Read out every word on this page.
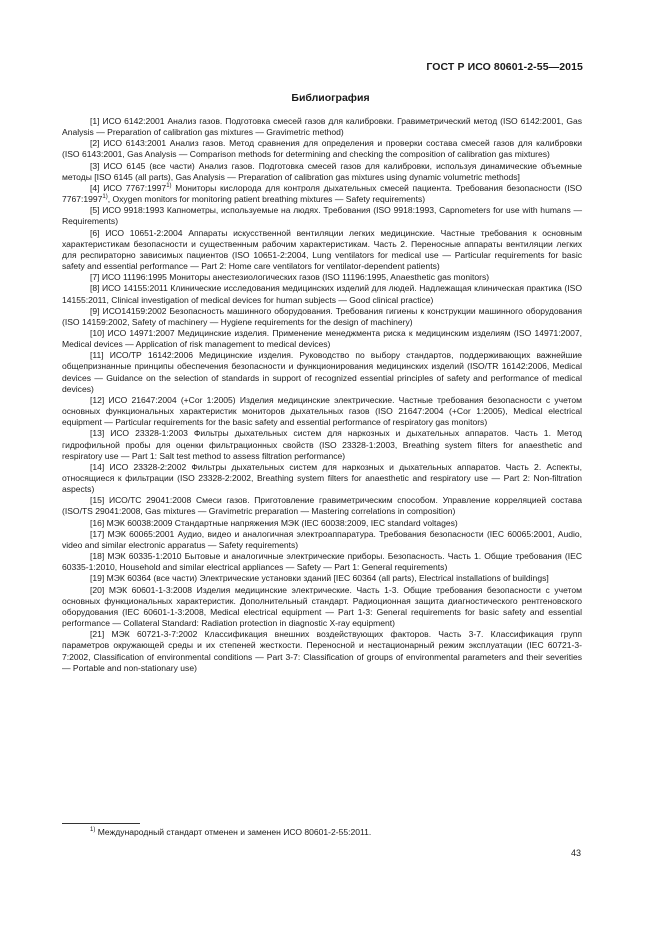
ГОСТ Р ИСО 80601-2-55—2015
Библиография

[1] ИСО 6142:2001 Анализ газов. Подготовка смесей газов для калибровки. Гравиметрический метод (ISO 6142:2001, Gas Analysis — Preparation of calibration gas mixtures — Gravimetric method)

[2] ИСО 6143:2001 Анализ газов. Метод сравнения для определения и проверки состава смесей газов для калибровки (ISO 6143:2001, Gas Analysis — Comparison methods for determining and checking the composition of calibration gas mixtures)

[3] ИСО 6145 (все части) Анализ газов. Подготовка смесей газов для калибровки, используя динамические объемные методы [ISO 6145 (all parts), Gas Analysis — Preparation of calibration gas mixtures using dynamic volumetric methods]

[4] ИСО 7767:1997$^{1)}$ Мониторы кислорода для контроля дыхательных смесей пациента. Требования безопасности (ISO 7767:1997$^{1)}$, Oxygen monitors for monitoring patient breathing mixtures — Safety requirements)

[5] ИСО 9918:1993 Капнометры, используемые на людях. Требования (ISO 9918:1993, Capnometers for use with humans — Requirements)

[6] ИСО 10651-2:2004 Аппараты искусственной вентиляции легких медицинские. Частные требования к основным характеристикам безопасности и существенным рабочим характеристикам. Часть 2. Переносные аппараты вентиляции легких для респираторно зависимых пациентов (ISO 10651-2:2004, Lung ventilators for medical use — Particular requirements for basic safety and essential performance — Part 2: Home care ventilators for ventilator-dependent patients)

[7] ИСО 11196:1995 Мониторы анестезиологических газов (ISO 11196:1995, Anaesthetic gas monitors)

[8] ИСО 14155:2011 Клинические исследования медицинских изделий для людей. Надлежащая клиническая практика (ISO 14155:2011, Clinical investigation of medical devices for human subjects — Good clinical practice)

[9] ИСО14159:2002 Безопасность машинного оборудования. Требования гигиены к конструкции машинного оборудования (ISO 14159:2002, Safety of machinery — Hygiene requirements for the design of machinery)

[10] ИСО 14971:2007 Медицинские изделия. Применение менеджмента риска к медицинским изделиям (ISO 14971:2007, Medical devices — Application of risk management to medical devices)

[11] ИСО/ТР 16142:2006 Медицинские изделия. Руководство по выбору стандартов, поддерживающих важнейшие общепризнанные принципы обеспечения безопасности и функционирования медицинских изделий (ISO/TR 16142:2006, Medical devices — Guidance on the selection of standards in support of recognized essential principles of safety and performance of medical devices)

[12] ИСО 21647:2004 (+Cor 1:2005) Изделия медицинские электрические. Частные требования безопасности с учетом основных функциональных характеристик мониторов дыхательных газов (ISO 21647:2004 (+Cor 1:2005), Medical electrical equipment — Particular requirements for the basic safety and essential performance of respiratory gas monitors)

[13] ИСО 23328-1:2003 Фильтры дыхательных систем для наркозных и дыхательных аппаратов. Часть 1. Метод гидрофильной пробы для оценки фильтрационных свойств (ISO 23328-1:2003, Breathing system filters for anaesthetic and respiratory use — Part 1: Salt test method to assess filtration performance)

[14] ИСО 23328-2:2002 Фильтры дыхательных систем для наркозных и дыхательных аппаратов. Часть 2. Аспекты, относящиеся к фильтрации (ISO 23328-2:2002, Breathing system filters for anaesthetic and respiratory use — Part 2: Non-filtration aspects)

[15] ИСО/ТС 29041:2008 Смеси газов. Приготовление гравиметрическим способом. Управление корреляцией состава (ISO/TS 29041:2008, Gas mixtures — Gravimetric preparation — Mastering correlations in composition)

[16] МЭК 60038:2009 Стандартные напряжения МЭК (IEC 60038:2009, IEC standard voltages)

[17] МЭК 60065:2001 Аудио, видео и аналогичная электроаппаратура. Требования безопасности (IEC 60065:2001, Audio, video and similar electronic apparatus — Safety requirements)

[18] МЭК 60335-1:2010 Бытовые и аналогичные электрические приборы. Безопасность. Часть 1. Общие требования (IEC 60335-1:2010, Household and similar electrical appliances — Safety — Part 1: General requirements)

[19] МЭК 60364 (все части) Электрические установки зданий [IEC 60364 (all parts), Electrical installations of buildings]

[20] МЭК 60601-1-3:2008 Изделия медицинские электрические. Часть 1-3. Общие требования безопасности с учетом основных функциональных характеристик. Дополнительный стандарт. Радиоционная защита диагностического рентгеновского оборудования (IEC 60601-1-3:2008, Medical electrical equipment — Part 1-3: General requirements for basic safety and essential performance — Collateral Standard: Radiation protection in diagnostic X-ray equipment)

[21] МЭК 60721-3-7:2002 Классификация внешних воздействующих факторов. Часть 3-7. Классификация групп параметров окружающей среды и их степеней жесткости. Переносной и нестационарный режим эксплуатации (IEC 60721-3-7:2002, Classification of environmental conditions — Part 3-7: Classification of groups of environmental parameters and their severities — Portable and non-stationary use)

$^{1)}$ Международный стандарт отменен и заменен ИСО 80601-2-55:2011.
43
